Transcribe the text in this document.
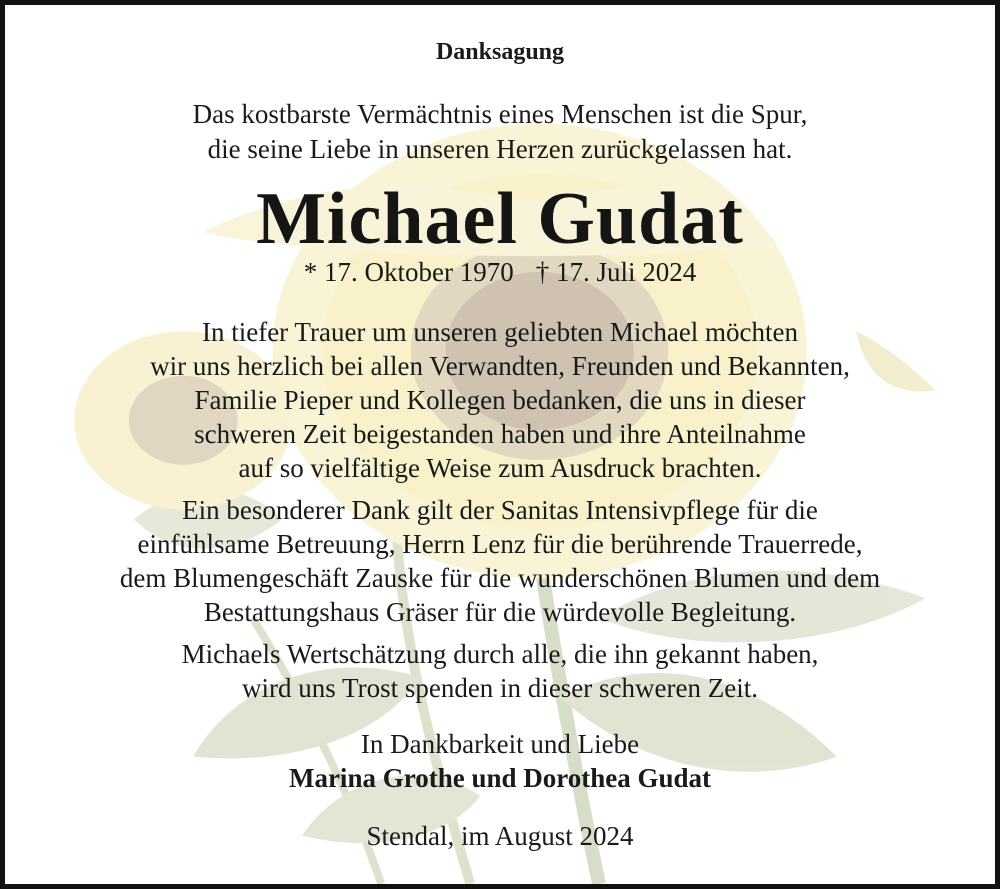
Danksagung
Das kostbarste Vermächtnis eines Menschen ist die Spur,
die seine Liebe in unseren Herzen zurückgelassen hat.
Michael Gudat
* 17. Oktober 1970 † 17. Juli 2024
In tiefer Trauer um unseren geliebten Michael möchten
wir uns herzlich bei allen Verwandten, Freunden und Bekannten,
Familie Pieper und Kollegen bedanken, die uns in dieser
schweren Zeit beigestanden haben und ihre Anteilnahme
auf so vielfältige Weise zum Ausdruck brachten.
Ein besonderer Dank gilt der Sanitas Intensivpflege für die
einfühlsame Betreuung, Herrn Lenz für die berührende Trauerrede,
dem Blumengeschäft Zauske für die wunderschönen Blumen und dem
Bestattungshaus Gräser für die würdevolle Begleitung.
Michaels Wertschätzung durch alle, die ihn gekannt haben,
wird uns Trost spenden in dieser schweren Zeit.
In Dankbarkeit und Liebe
Marina Grothe und Dorothea Gudat
Stendal, im August 2024
